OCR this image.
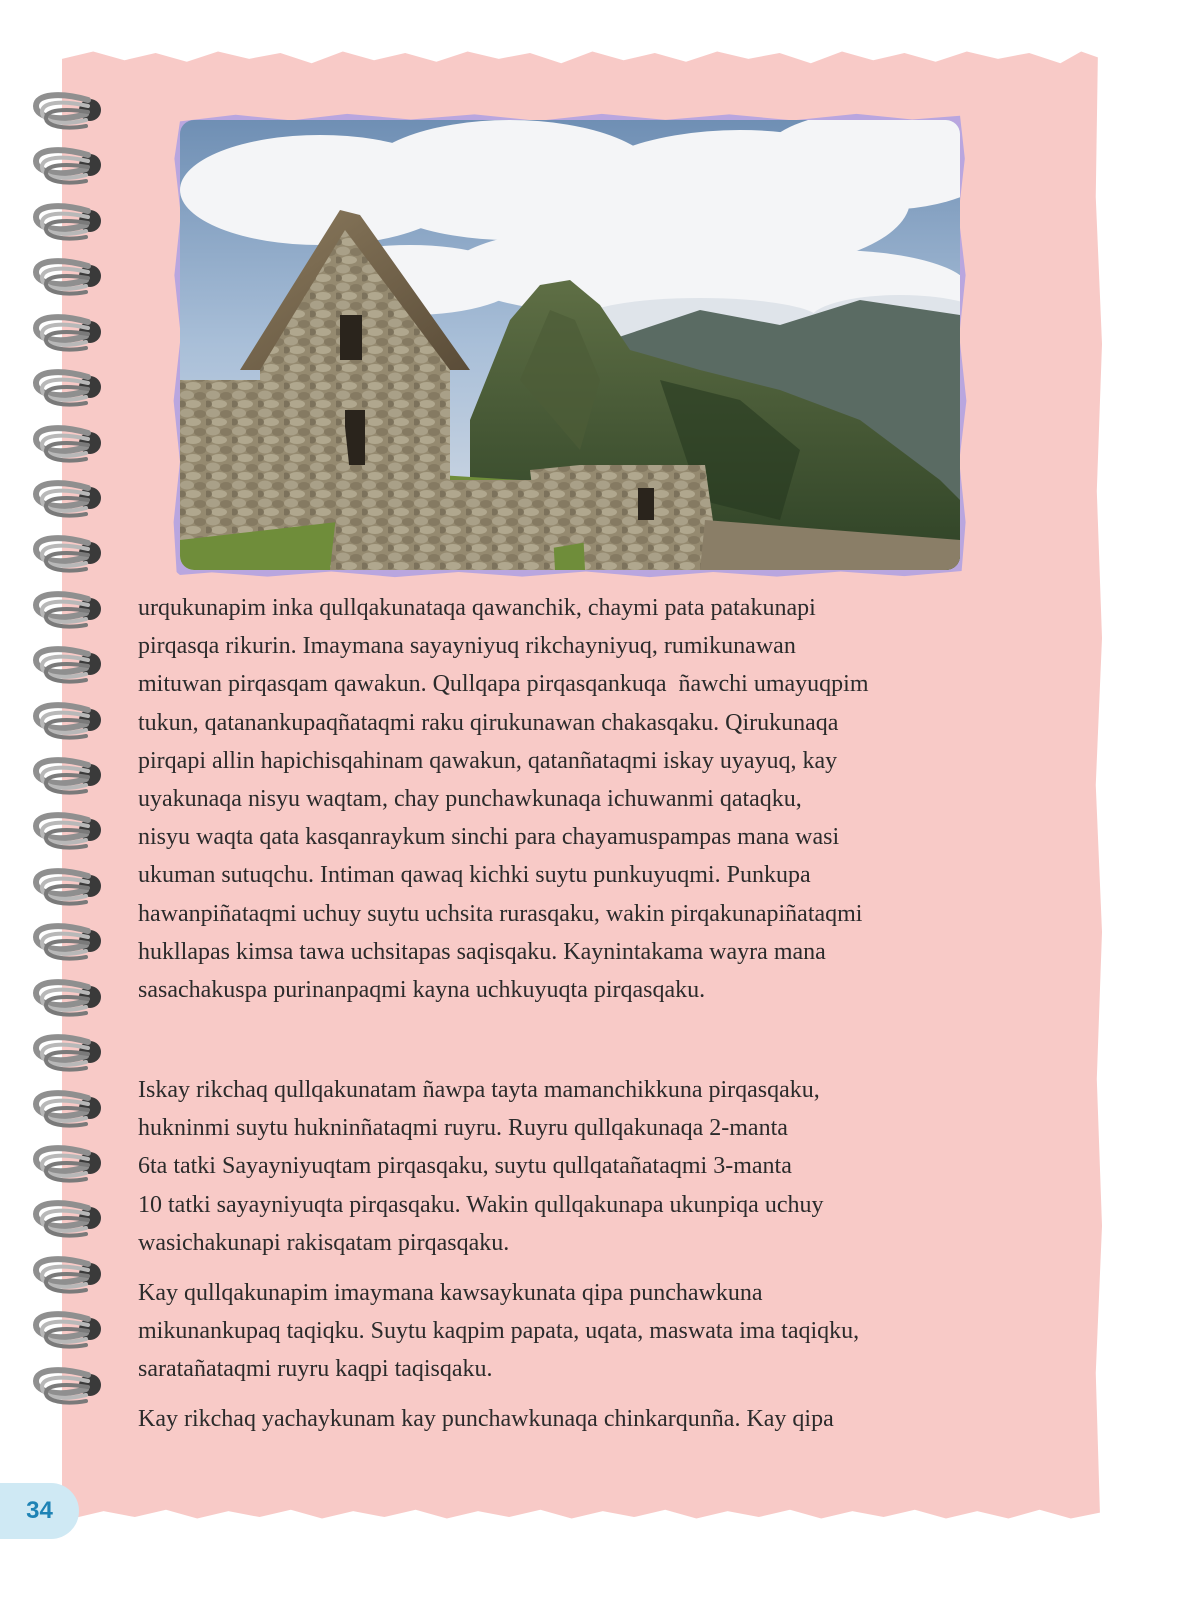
urqukunapim inka qullqakunataqa qawanchik, chaymi pata patakunapi
pirqasqa rikurin. Imaymana sayayniyuq rikchayniyuq, rumikunawan
mituwan pirqasqam qawakun. Qullqapa pirqasqankuqa  ñawchi umayuqpim
tukun, qatanankupaqñataqmi raku qirukunawan chakasqaku. Qirukunaqa
pirqapi allin hapichisqahinam qawakun, qatanñataqmi iskay uyayuq, kay
uyakunaqa nisyu waqtam, chay punchawkunaqa ichuwanmi qataqku,
nisyu waqta qata kasqanraykum sinchi para chayamuspampas mana wasi
ukuman sutuqchu. Intiman qawaq kichki suytu punkuyuqmi. Punkupa
hawanpiñataqmi uchuy suytu uchsita rurasqaku, wakin pirqakunapiñataqmi
hukllapas kimsa tawa uchsitapas saqisqaku. Kaynintakama wayra mana
sasachakuspa purinanpaqmi kayna uchkuyuqta pirqasqaku.
Iskay rikchaq qullqakunatam ñawpa tayta mamanchikkuna pirqasqaku,
hukninmi suytu hukninñataqmi ruyru. Ruyru qullqakunaqa 2-manta
6ta tatki Sayayniyuqtam pirqasqaku, suytu qullqatañataqmi 3-manta
10 tatki sayayniyuqta pirqasqaku. Wakin qullqakunapa ukunpiqa uchuy
wasichakunapi rakisqatam pirqasqaku.
Kay qullqakunapim imaymana kawsaykunata qipa punchawkuna
mikunankupaq taqiqku. Suytu kaqpim papata, uqata, maswata ima taqiqku,
saratañataqmi ruyru kaqpi taqisqaku.
Kay rikchaq yachaykunam kay punchawkunaqa chinkarqunña. Kay qipa
34
